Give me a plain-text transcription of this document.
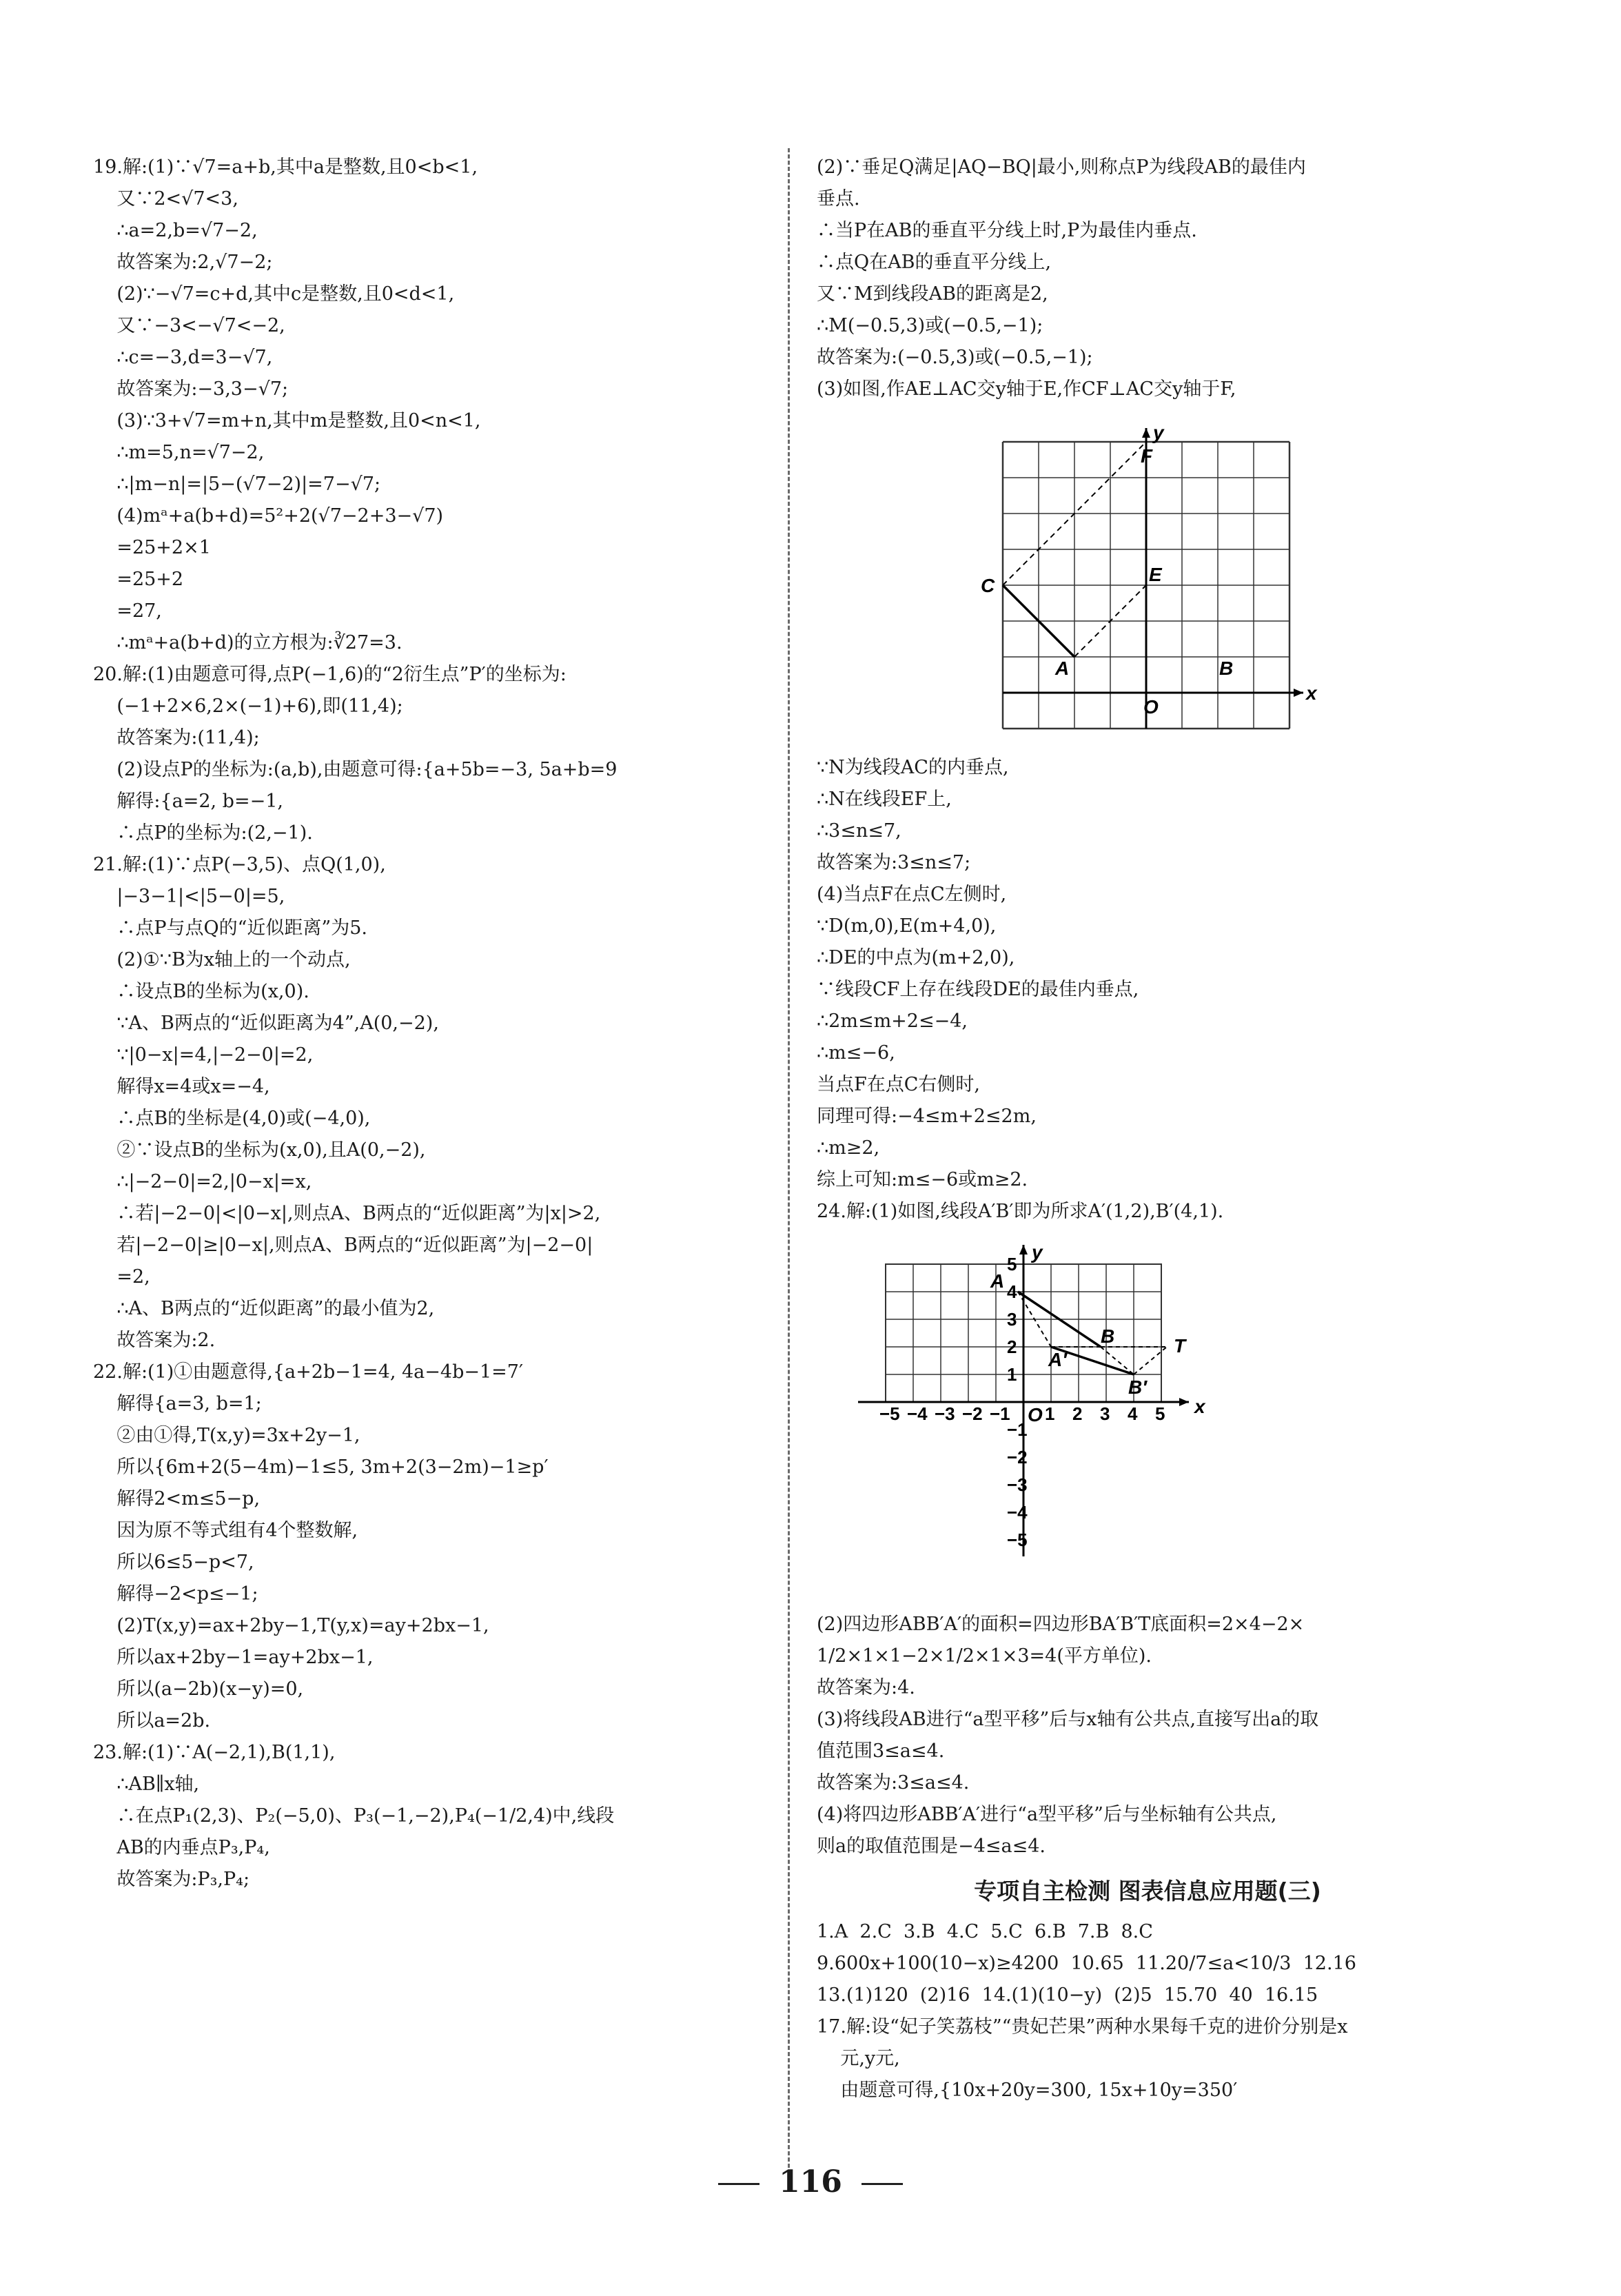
19.解:(1)∵√7=a+b,其中a是整数,且0<b<1,
又∵2<√7<3,
∴a=2,b=√7−2,
故答案为:2,√7−2;
(2)∵−√7=c+d,其中c是整数,且0<d<1,
又∵−3<−√7<−2,
∴c=−3,d=3−√7,
故答案为:−3,3−√7;
(3)∵3+√7=m+n,其中m是整数,且0<n<1,
∴m=5,n=√7−2,
∴|m−n|=|5−(√7−2)|=7−√7;
(4)mᵃ+a(b+d)=5²+2(√7−2+3−√7)
=25+2×1
=25+2
=27,
∴mᵃ+a(b+d)的立方根为:∛27=3.
20.解:(1)由题意可得,点P(−1,6)的“2衍生点”P′的坐标为:
(−1+2×6,2×(−1)+6),即(11,4);
故答案为:(11,4);
(2)设点P的坐标为:(a,b),由题意可得:{a+5b=−3, 5a+b=9
解得:{a=2, b=−1,
∴点P的坐标为:(2,−1).
21.解:(1)∵点P(−3,5)、点Q(1,0),
|−3−1|<|5−0|=5,
∴点P与点Q的“近似距离”为5.
(2)①∵B为x轴上的一个动点,
∴设点B的坐标为(x,0).
∵A、B两点的“近似距离为4”,A(0,−2),
∵|0−x|=4,|−2−0|=2,
解得x=4或x=−4,
∴点B的坐标是(4,0)或(−4,0),
②∵设点B的坐标为(x,0),且A(0,−2),
∴|−2−0|=2,|0−x|=x,
∴若|−2−0|<|0−x|,则点A、B两点的“近似距离”为|x|>2,
若|−2−0|≥|0−x|,则点A、B两点的“近似距离”为|−2−0|
=2,
∴A、B两点的“近似距离”的最小值为2,
故答案为:2.
22.解:(1)①由题意得,{a+2b−1=4, 4a−4b−1=7′
解得{a=3, b=1;
②由①得,T(x,y)=3x+2y−1,
所以{6m+2(5−4m)−1≤5, 3m+2(3−2m)−1≥p′
解得2<m≤5−p,
因为原不等式组有4个整数解,
所以6≤5−p<7,
解得−2<p≤−1;
(2)T(x,y)=ax+2by−1,T(y,x)=ay+2bx−1,
所以ax+2by−1=ay+2bx−1,
所以(a−2b)(x−y)=0,
所以a=2b.
23.解:(1)∵A(−2,1),B(1,1),
∴AB∥x轴,
∴在点P₁(2,3)、P₂(−5,0)、P₃(−1,−2),P₄(−1/2,4)中,线段
AB的内垂点P₃,P₄,
故答案为:P₃,P₄;
(2)∵垂足Q满足|AQ−BQ|最小,则称点P为线段AB的最佳内
垂点.
∴当P在AB的垂直平分线上时,P为最佳内垂点.
∴点Q在AB的垂直平分线上,
又∵M到线段AB的距离是2,
∴M(−0.5,3)或(−0.5,−1);
故答案为:(−0.5,3)或(−0.5,−1);
(3)如图,作AE⊥AC交y轴于E,作CF⊥AC交y轴于F,
y
x
F
E
C
A	B
O
∵N为线段AC的内垂点,
∴N在线段EF上,
∴3≤n≤7,
故答案为:3≤n≤7;
(4)当点F在点C左侧时,
∵D(m,0),E(m+4,0),
∴DE的中点为(m+2,0),
∵线段CF上存在线段DE的最佳内垂点,
∴2m≤m+2≤−4,
∴m≤−6,
当点F在点C右侧时,
同理可得:−4≤m+2≤2m,
∴m≥2,
综上可知:m≤−6或m≥2.
24.解:(1)如图,线段A′B′即为所求A′(1,2),B′(4,1).
−5 −4 −3 −2 −1 1 2 3 4 5
5
4
3
2
1
−1
−2
−3
−4
−5
y
x
A
B
A′
B′
T
O
(2)四边形ABB′A′的面积=四边形BA′B′T底面积=2×4−2×
1/2×1×1−2×1/2×1×3=4(平方单位).
故答案为:4.
(3)将线段AB进行“a型平移”后与x轴有公共点,直接写出a的取
值范围3≤a≤4.
故答案为:3≤a≤4.
(4)将四边形ABB′A′进行“a型平移”后与坐标轴有公共点,
则a的取值范围是−4≤a≤4.
专项自主检测 图表信息应用题(三)
1.A  2.C  3.B  4.C  5.C  6.B  7.B  8.C
9.600x+100(10−x)≥4200  10.65  11.20/7≤a<10/3  12.16
13.(1)120  (2)16  14.(1)(10−y)  (2)5  15.70  40  16.15
17.解:设“妃子笑荔枝”“贵妃芒果”两种水果每千克的进价分别是x
元,y元,
由题意可得,{10x+20y=300, 15x+10y=350′
116
